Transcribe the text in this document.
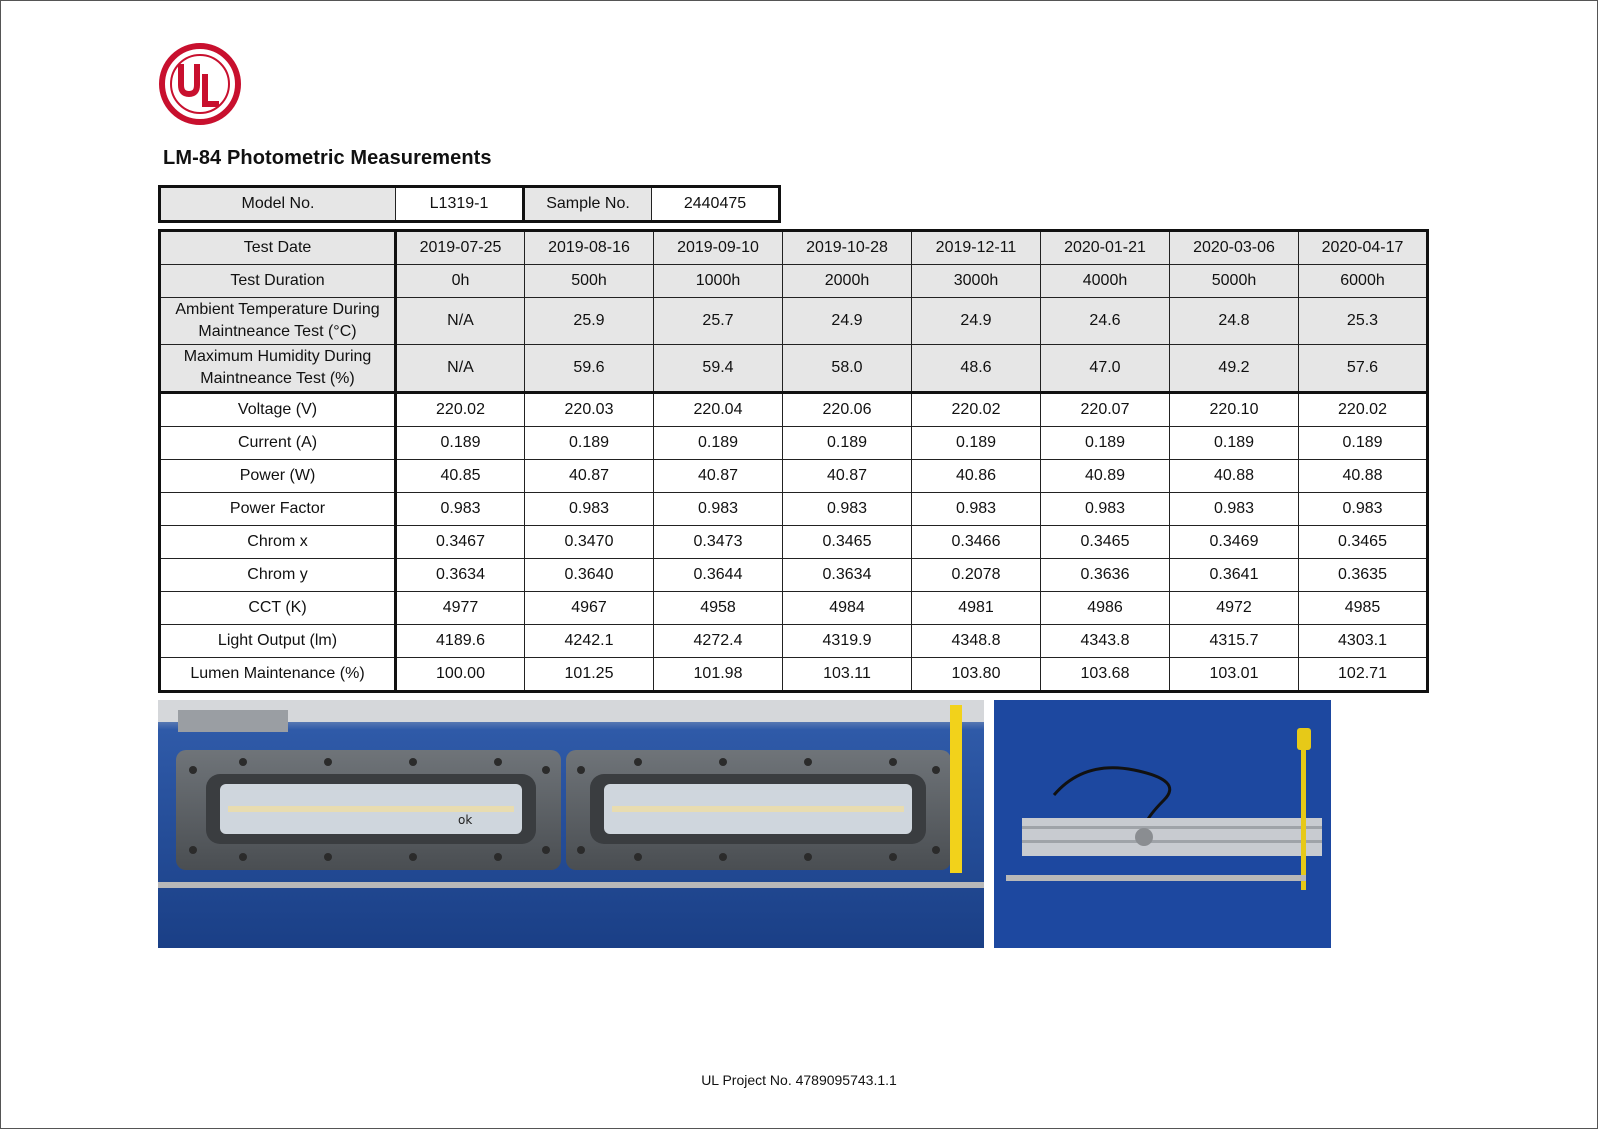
LM-84 Photometric Measurements
Model No.	L1319-1	Sample No.	2440475
Test Date	2019-07-25	2019-08-16	2019-09-10	2019-10-28	2019-12-11	2020-01-21	2020-03-06	2020-04-17
Test Duration	0h	500h	1000h	2000h	3000h	4000h	5000h	6000h

Ambient Temperature During
Maintneance Test (°C)	N/A	25.9	25.7	24.9	24.9	24.6	24.8	25.3

Maximum Humidity During
Maintneance Test (%)	N/A	59.6	59.4	58.0	48.6	47.0	49.2	57.6
Voltage (V)	220.02	220.03	220.04	220.06	220.02	220.07	220.10	220.02
Current (A)	0.189	0.189	0.189	0.189	0.189	0.189	0.189	0.189
Power (W)	40.85	40.87	40.87	40.87	40.86	40.89	40.88	40.88
Power Factor	0.983	0.983	0.983	0.983	0.983	0.983	0.983	0.983
Chrom x	0.3467	0.3470	0.3473	0.3465	0.3466	0.3465	0.3469	0.3465
Chrom y	0.3634	0.3640	0.3644	0.3634	0.2078	0.3636	0.3641	0.3635
CCT (K)	4977	4967	4958	4984	4981	4986	4972	4985
Light Output (lm)	4189.6	4242.1	4272.4	4319.9	4348.8	4343.8	4315.7	4303.1
Lumen Maintenance (%)	100.00	101.25	101.98	103.11	103.80	103.68	103.01	102.71
ok
UL Project No. 4789095743.1.1
